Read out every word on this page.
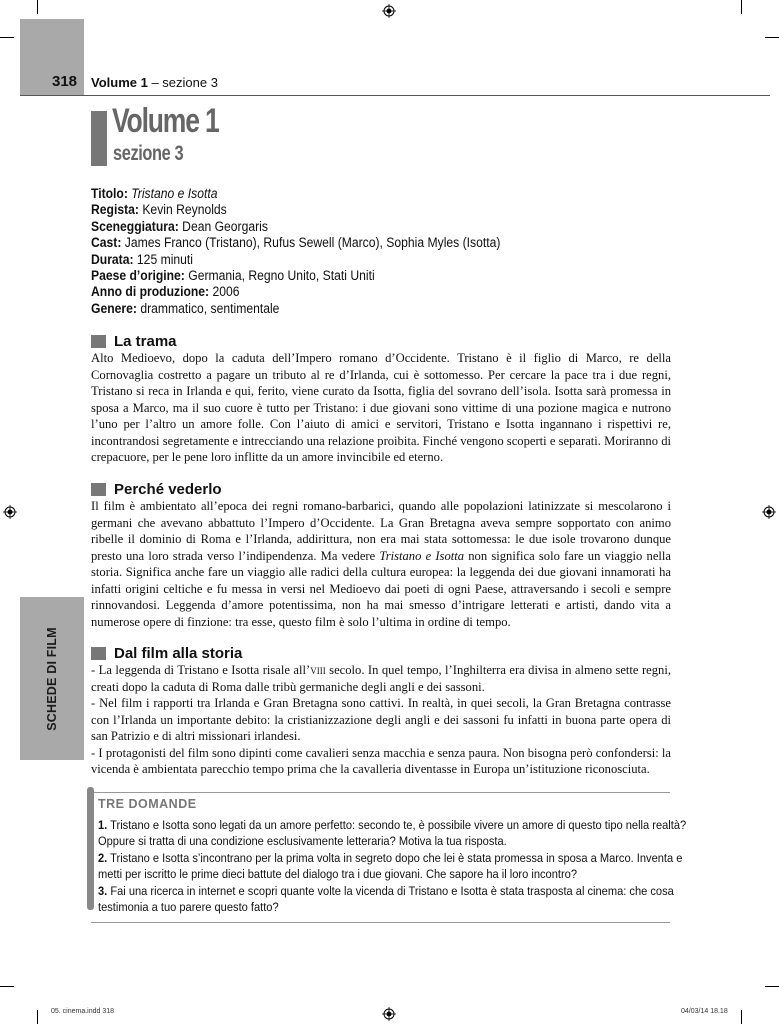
SCHEDE DI FILM
318 Volume 1 – sezione 3
Volume 1
sezione 3
Titolo: Tristano e Isotta
Regista: Kevin Reynolds
Sceneggiatura: Dean Georgaris
Cast: James Franco (Tristano), Rufus Sewell (Marco), Sophia Myles (Isotta)
Durata: 125 minuti
Paese d’origine: Germania, Regno Unito, Stati Uniti
Anno di produzione: 2006
Genere: drammatico, sentimentale
La trama

Alto Medioevo, dopo la caduta dell’Impero romano d’Occidente. Tristano è il figlio di Marco, re della Cornovaglia costretto a pagare un tributo al re d’Irlanda, cui è sottomesso. Per cercare la pace tra i due regni, Tristano si reca in Irlanda e qui, ferito, viene curato da Isotta, figlia del sovrano dell’isola. Isotta sarà promessa in sposa a Marco, ma il suo cuore è tutto per Tristano: i due giovani sono vittime di una pozione magica e nutrono l’uno per l’altro un amore folle. Con l’aiuto di amici e servitori, Tristano e Isotta ingannano i rispettivi re, incontrandosi segretamente e intrecciando una relazione proibita. Finché vengono scoperti e separati. Moriranno di crepacuore, per le pene loro inflitte da un amore invincibile ed eterno.

Perché vederlo

Il film è ambientato all’epoca dei regni romano-barbarici, quando alle popolazioni latinizzate si mescolarono i germani che avevano abbattuto l’Impero d’Occidente. La Gran Bretagna aveva sempre sopportato con animo ribelle il dominio di Roma e l’Irlanda, addirittura, non era mai stata sottomessa: le due isole trovarono dunque presto una loro strada verso l’indipendenza. Ma vedere Tristano e Isotta non significa solo fare un viaggio nella storia. Significa anche fare un viaggio alle radici della cultura europea: la leggenda dei due giovani innamorati ha infatti origini celtiche e fu messa in versi nel Medioevo dai poeti di ogni Paese, attraversando i secoli e sempre rinnovandosi. Leggenda d’amore potentissima, non ha mai smesso d’intrigare letterati e artisti, dando vita a numerose opere di finzione: tra esse, questo film è solo l’ultima in ordine di tempo.

Dal film alla storia

- La leggenda di Tristano e Isotta risale all’viii secolo. In quel tempo, l’Inghilterra era divisa in almeno sette regni, creati dopo la caduta di Roma dalle tribù germaniche degli angli e dei sassoni.

- Nel film i rapporti tra Irlanda e Gran Bretagna sono cattivi. In realtà, in quei secoli, la Gran Bretagna contrasse con l’Irlanda un importante debito: la cristianizzazione degli angli e dei sassoni fu infatti in buona parte opera di san Patrizio e di altri missionari irlandesi.

- I protagonisti del film sono dipinti come cavalieri senza macchia e senza paura. Non bisogna però confondersi: la vicenda è ambientata parecchio tempo prima che la cavalleria diventasse in Europa un’istituzione riconosciuta.

TRE DOMANDE

1. Tristano e Isotta sono legati da un amore perfetto: secondo te, è possibile vivere un amore di questo tipo nella realtà?

Oppure si tratta di una condizione esclusivamente letteraria? Motiva la tua risposta.

2. Tristano e Isotta s’incontrano per la prima volta in segreto dopo che lei è stata promessa in sposa a Marco. Inventa e

metti per iscritto le prime dieci battute del dialogo tra i due giovani. Che sapore ha il loro incontro?

3. Fai una ricerca in internet e scopri quante volte la vicenda di Tristano e Isotta è stata trasposta al cinema: che cosa

testimonia a tuo parere questo fatto?

05. cinema.indd 318	04/03/14 18.18
